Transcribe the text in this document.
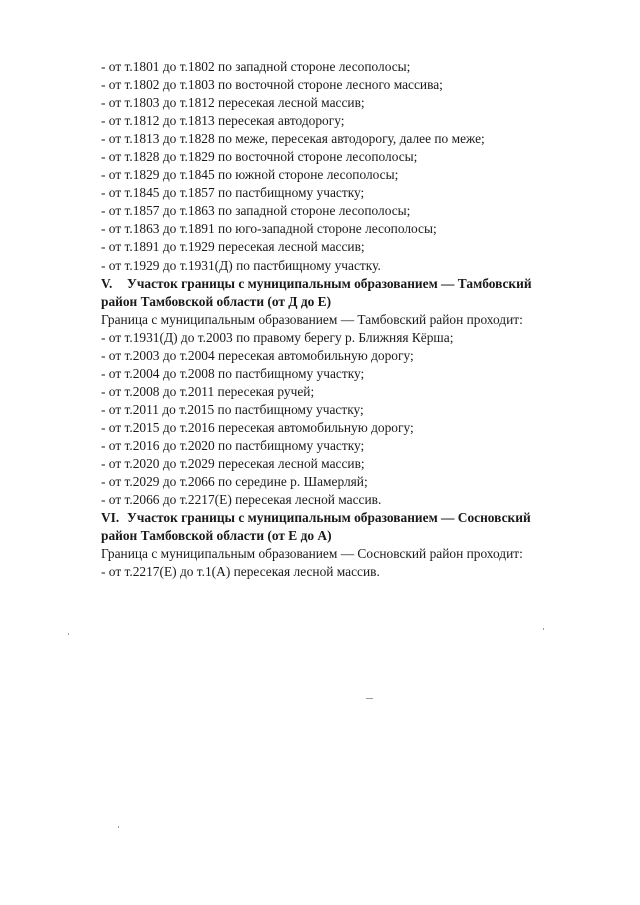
- от т.1801 до т.1802 по западной стороне лесополосы;
- от т.1802 до т.1803 по восточной стороне лесного массива;
- от т.1803 до т.1812 пересекая лесной массив;
- от т.1812 до т.1813 пересекая автодорогу;
- от т.1813 до т.1828 по меже, пересекая автодорогу, далее по меже;
- от т.1828 до т.1829 по восточной стороне лесополосы;
- от т.1829 до т.1845 по южной стороне лесополосы;
- от т.1845 до т.1857 по пастбищному участку;
- от т.1857 до т.1863 по западной стороне лесополосы;
- от т.1863 до т.1891 по юго-западной стороне лесополосы;
- от т.1891 до т.1929 пересекая лесной массив;
- от т.1929 до т.1931(Д) по пастбищному участку.
V. Участок границы с муниципальным образованием — Тамбовский
район Тамбовской области (от Д до Е)
Граница с муниципальным образованием — Тамбовский район проходит:
- от т.1931(Д) до т.2003 по правому берегу р. Ближняя Кёрша;
- от т.2003 до т.2004 пересекая автомобильную дорогу;
- от т.2004 до т.2008 по пастбищному участку;
- от т.2008 до т.2011 пересекая ручей;
- от т.2011 до т.2015 по пастбищному участку;
- от т.2015 до т.2016 пересекая автомобильную дорогу;
- от т.2016 до т.2020 по пастбищному участку;
- от т.2020 до т.2029 пересекая лесной массив;
- от т.2029 до т.2066 по середине р. Шамерляй;
- от т.2066 до т.2217(Е) пересекая лесной массив.
VI. Участок границы с муниципальным образованием — Сосновский
район Тамбовской области (от Е до А)
Граница с муниципальным образованием — Сосновский район проходит:
- от т.2217(Е) до т.1(А) пересекая лесной массив.
